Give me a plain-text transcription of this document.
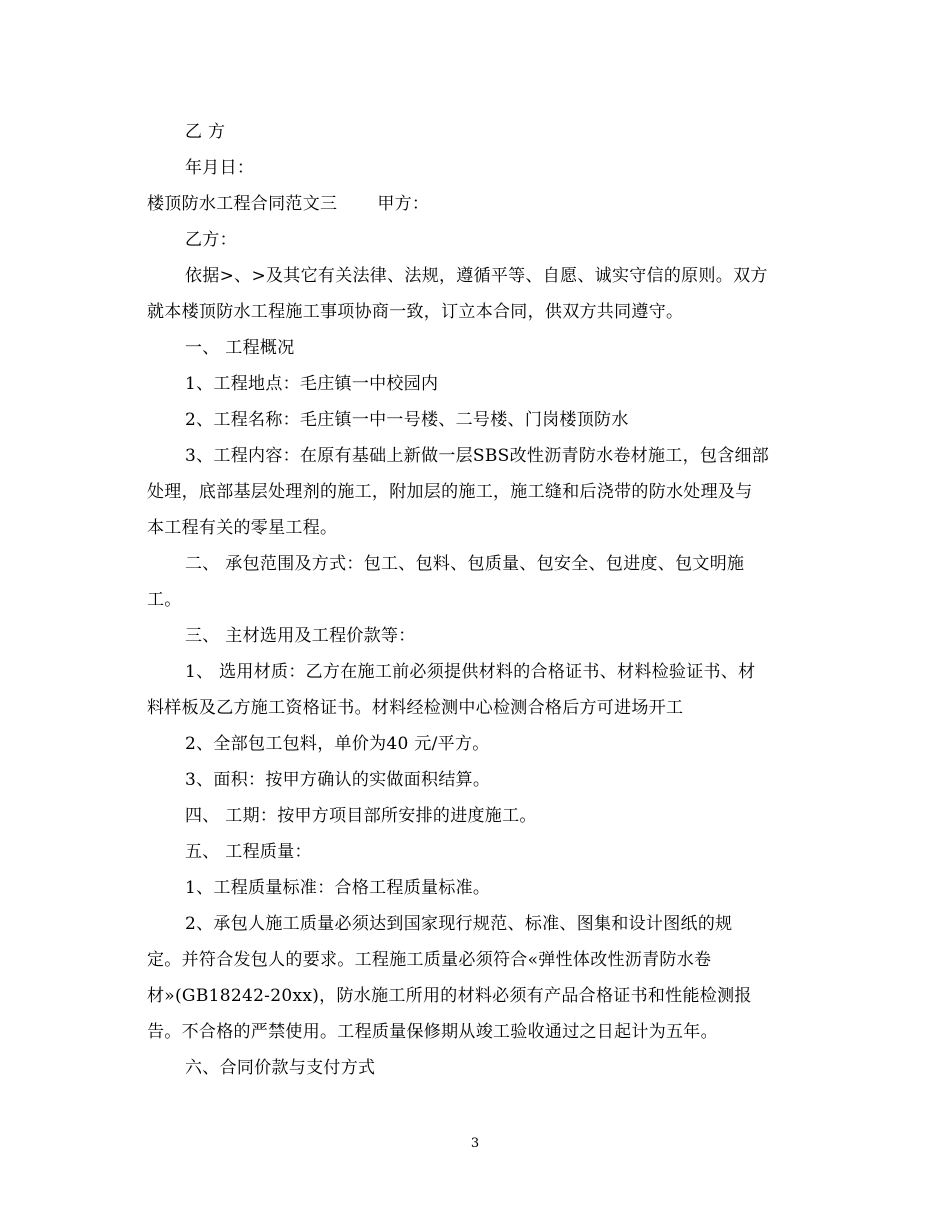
乙 方
年月日：
楼顶防水工程合同范文三 甲方：
乙方：
依据>、>及其它有关法律、法规，遵循平等、自愿、诚实守信的原则。双方
就本楼顶防水工程施工事项协商一致，订立本合同，供双方共同遵守。
一、 工程概况
1、工程地点：毛庄镇一中校园内
2、工程名称：毛庄镇一中一号楼、二号楼、门岗楼顶防水
3、工程内容：在原有基础上新做一层SBS改性沥青防水卷材施工，包含细部
处理，底部基层处理剂的施工，附加层的施工，施工缝和后浇带的防水处理及与
本工程有关的零星工程。
二、 承包范围及方式：包工、包料、包质量、包安全、包进度、包文明施
工。
三、 主材选用及工程价款等：
1、 选用材质：乙方在施工前必须提供材料的合格证书、材料检验证书、材
料样板及乙方施工资格证书。材料经检测中心检测合格后方可进场开工
2、全部包工包料，单价为40 元/平方。
3、面积：按甲方确认的实做面积结算。
四、 工期：按甲方项目部所安排的进度施工。
五、 工程质量：
1、工程质量标准：合格工程质量标准。
2、承包人施工质量必须达到国家现行规范、标准、图集和设计图纸的规
定。并符合发包人的要求。工程施工质量必须符合«弹性体改性沥青防水卷
材»(GB18242-20xx)，防水施工所用的材料必须有产品合格证书和性能检测报
告。不合格的严禁使用。工程质量保修期从竣工验收通过之日起计为五年。
六、合同价款与支付方式
3
